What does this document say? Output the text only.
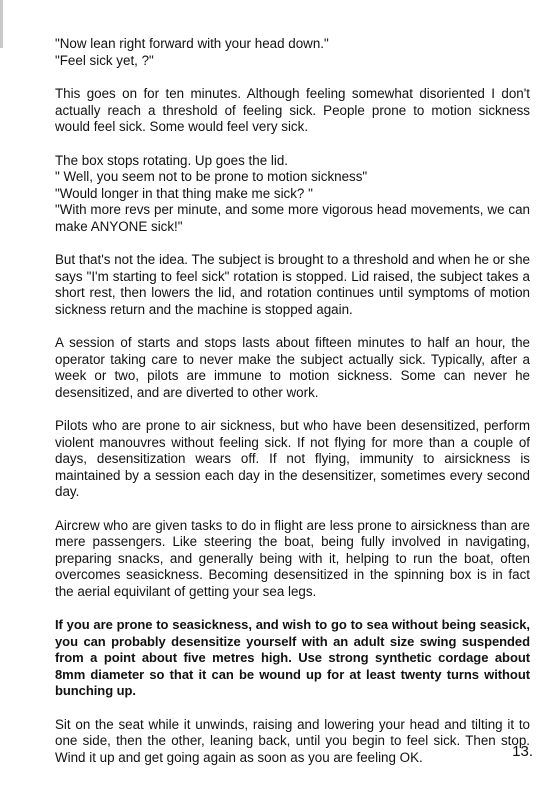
"Now lean right forward with your head down."
"Feel sick yet, ?"

This goes on for ten minutes. Although feeling somewhat disoriented I don't actually reach a threshold of feeling sick. People prone to motion sickness would feel sick. Some would feel very sick.

The box stops rotating. Up goes the lid.
" Well, you seem not to be prone to motion sickness"
"Would longer in that thing make me sick? "
"With more revs per minute, and some more vigorous head movements, we can make ANYONE sick!"

But that's not the idea. The subject is brought to a threshold and when he or she says "I'm starting to feel sick" rotation is stopped. Lid raised, the subject takes a short rest, then lowers the lid, and rotation continues until symptoms of motion sickness return and the machine is stopped again.

A session of starts and stops lasts about fifteen minutes to half an hour, the operator taking care to never make the subject actually sick. Typically, after a week or two, pilots are immune to motion sickness. Some can never he desensitized, and are diverted to other work.

Pilots who are prone to air sickness, but who have been desensitized, perform violent manouvres without feeling sick. If not flying for more than a couple of days, desensitization wears off. If not flying, immunity to airsickness is maintained by a session each day in the desensitizer, sometimes every second day.

Aircrew who are given tasks to do in flight are less prone to airsickness than are mere passengers. Like steering the boat, being fully involved in navigating, preparing snacks, and generally being with it, helping to run the boat, often overcomes seasickness. Becoming desensitized in the spinning box is in fact the aerial equivilant of getting your sea legs.

If you are prone to seasickness, and wish to go to sea without being seasick, you can probably desensitize yourself with an adult size swing suspended from a point about five metres high. Use strong synthetic cordage about 8mm diameter so that it can be wound up for at least twenty turns without bunching up.

Sit on the seat while it unwinds, raising and lowering your head and tilting it to one side, then the other, leaning back, until you begin to feel sick. Then stop. Wind it up and get going again as soon as you are feeling OK.	13.
